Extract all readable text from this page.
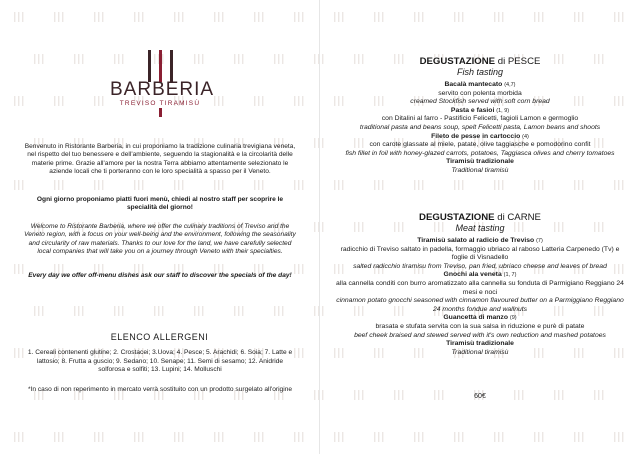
BARBERIA
TREVISO TIRAMISÙ
Benvenuto in Ristorante Barberia, in cui proponiamo la tradizione culinaria trevigiana veneta, nel rispetto del tuo benessere e dell'ambiente, seguendo la stagionalità e la circolarità delle materie prime. Grazie all'amore per la nostra Terra abbiamo attentamente selezionato le aziende locali che ti porteranno con le loro specialità a spasso per il Veneto.
Ogni giorno proponiamo piatti fuori menù, chiedi al nostro staff per scoprire le specialità del giorno!
Welcome to Ristorante Barberia, where we offer the culinary traditions of Treviso and the Veneto region, with a focus on your well-being and the environment, following the seasonality and circularity of raw materials. Thanks to our love for the land, we have carefully selected local companies that will take you on a journey through Veneto with their specialties.
Every day we offer off-menu dishes ask our staff to discover the specials of the day!
ELENCO ALLERGENI
1. Cereali contenenti glutine; 2. Crostacei; 3.Uova; 4. Pesce; 5. Arachidi; 6. Soia; 7. Latte e lattosio; 8. Frutta a guscio; 9. Sedano; 10. Senape; 11. Semi di sesamo; 12. Anidride solforosa e solfiti; 13. Lupini; 14. Molluschi
*In caso di non reperimento in mercato verrà sostituito con un prodotto surgelato all'origine
DEGUSTAZIONE di PESCE
Fish tasting
Bacalà mantecato (4,7)
servito con polenta morbida
creamed Stockfish served with soft corn bread
Pasta e fasioi (1, 9)
con Ditalini al farro - Pastificio Felicetti, fagioli Lamon e germoglio
traditional pasta and beans soup, spelt Felicetti pasta, Lamon beans and shoots
Fileto de pesse in cartoccio (4)
con carote glassate al miele, patate, olive taggiasche e pomodorino confit
fish fillet in foil with honey-glazed carrots, potatoes, Taggiasca olives and cherry tomatoes
Tiramisù tradizionale
Traditional tiramisù
DEGUSTAZIONE di CARNE
Meat tasting
Tiramisù salato al radicio de Treviso (7)
radicchio di Treviso saltato in padella, formaggio ubriaco al raboso Latteria Carpenedo (Tv) e foglie di Visnadello
salted radicchio tiramisu from Treviso, pan fried, ubriaco cheese and leaves of bread
Gnochi ala veneta (1, 7)
alla cannella conditi con burro aromatizzato alla cannella su fonduta di Parmigiano Reggiano 24 mesi e noci
cinnamon potato gnocchi seasoned with cinnamon flavoured butter on a Parmiggiano Reggiano 24 months fondue and wallnuts
Guancetta di manzo (9)
brasata e stufata servita con la sua salsa in riduzione e purè di patate
beef cheek braised and stewed served with it's own reduction and mashed potatoes
Tiramisù tradizionale
Traditional tiramisù
60€
